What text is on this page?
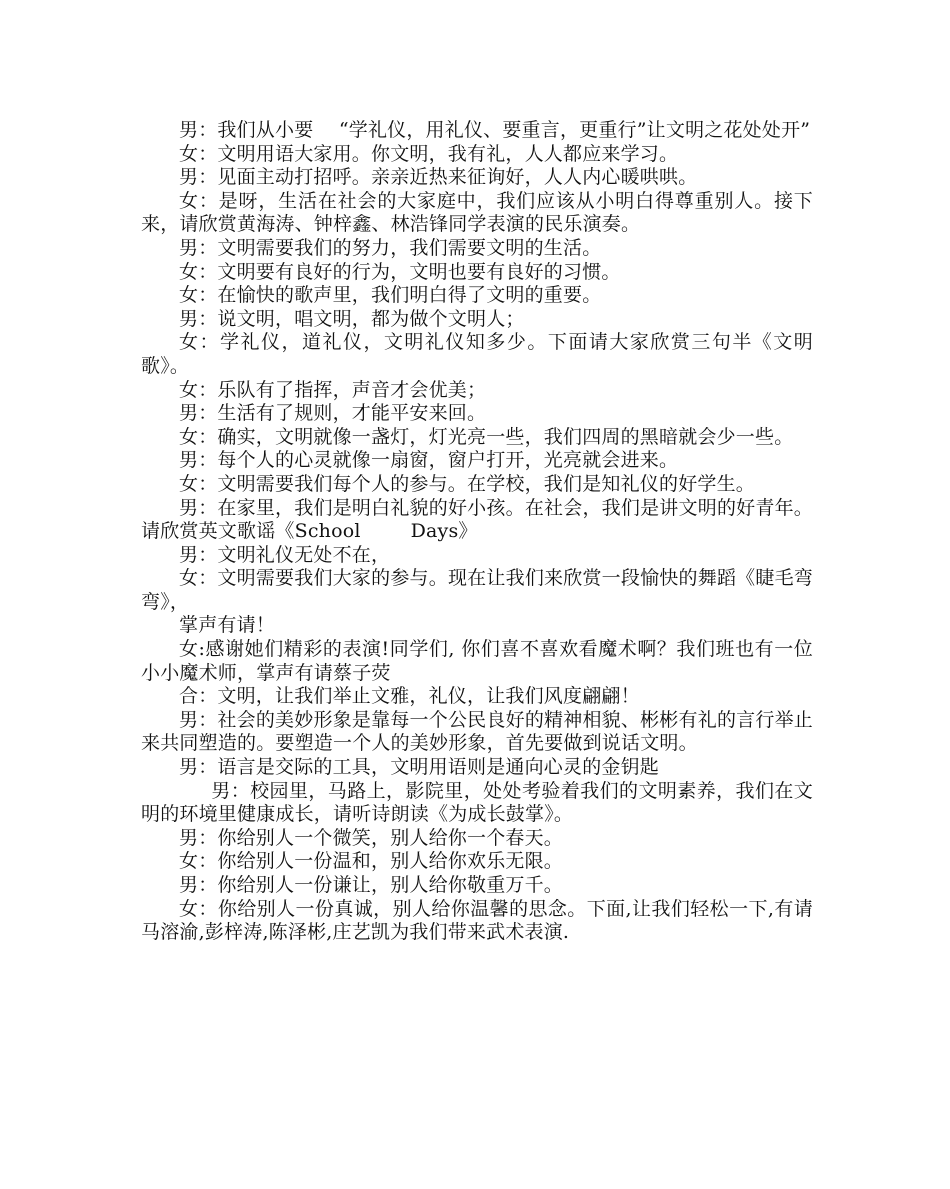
男：我们从小要　 “学礼仪，用礼仪、要重言，更重行”让文明之花处处开”

女：文明用语大家用。你文明，我有礼，人人都应来学习。

男：见面主动打招呼。亲亲近热来征询好，人人内心暖哄哄。

女：是呀，生活在社会的大家庭中，我们应该从小明白得尊重别人。接下来，请欣赏黄海涛、钟梓鑫、林浩锋同学表演的民乐演奏。

男：文明需要我们的努力，我们需要文明的生活。

女：文明要有良好的行为，文明也要有良好的习惯。

女：在愉快的歌声里，我们明白得了文明的重要。

男：说文明，唱文明，都为做个文明人；

女：学礼仪，道礼仪，文明礼仪知多少。下面请大家欣赏三句半《文明歌》。

女：乐队有了指挥，声音才会优美；

男：生活有了规则，才能平安来回。

女：确实，文明就像一盏灯，灯光亮一些，我们四周的黑暗就会少一些。

男：每个人的心灵就像一扇窗，窗户打开，光亮就会进来。

女：文明需要我们每个人的参与。在学校，我们是知礼仪的好学生。

男：在家里，我们是明白礼貌的好小孩。在社会，我们是讲文明的好青年。请欣赏英文歌谣《School        Days》

男：文明礼仪无处不在，

女：文明需要我们大家的参与。现在让我们来欣赏一段愉快的舞蹈《睫毛弯弯》，

掌声有请！

女:感谢她们精彩的表演!同学们, 你们喜不喜欢看魔术啊？我们班也有一位小小魔术师，掌声有请蔡子荧

合：文明，让我们举止文雅，礼仪，让我们风度翩翩！

男：社会的美妙形象是靠每一个公民良好的精神相貌、彬彬有礼的言行举止来共同塑造的。要塑造一个人的美妙形象，首先要做到说话文明。

男：语言是交际的工具，文明用语则是通向心灵的金钥匙

男：校园里，马路上，影院里，处处考验着我们的文明素养，我们在文明的环境里健康成长，请听诗朗读《为成长鼓掌》。

男：你给别人一个微笑，别人给你一个春天。

女：你给别人一份温和，别人给你欢乐无限。

男：你给别人一份谦让，别人给你敬重万千。

女：你给别人一份真诚，别人给你温馨的思念。下面,让我们轻松一下,有请马溶渝,彭梓涛,陈泽彬,庄艺凯为我们带来武术表演.
